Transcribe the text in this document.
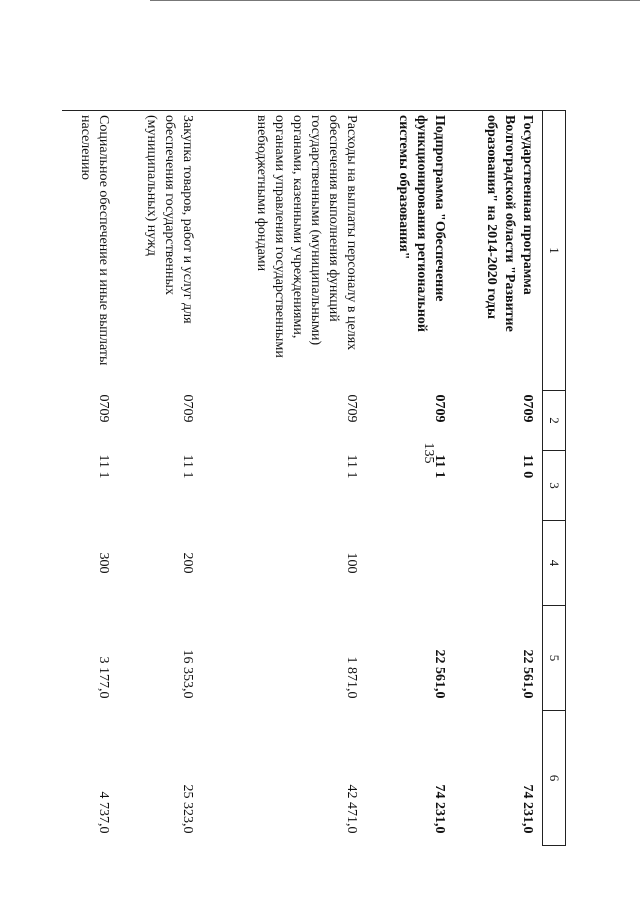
135
1	2	3	4	5	6
Государственная программа Волгоградской области "Развитие образования" на 2014-2020 годы	0709	11 0		22 561,0	74 231,0
Подпрограмма "Обеспечение функционирования региональной системы образования"	0709	11 1		22 561,0	74 231,0
Расходы на выплаты персоналу в целях обеспечения выполнения функций государственными (муниципальными) органами, казенными учреждениями, органами управления государственными внебюджетными фондами	0709	11 1	100	1 871,0	42 471,0
Закупка товаров, работ и услуг для обеспечения государственных (муниципальных) нужд	0709	11 1	200	16 353,0	25 323,0
Социальное обеспечение и иные выплаты населению	0709	11 1	300	3 177,0	4 737,0
